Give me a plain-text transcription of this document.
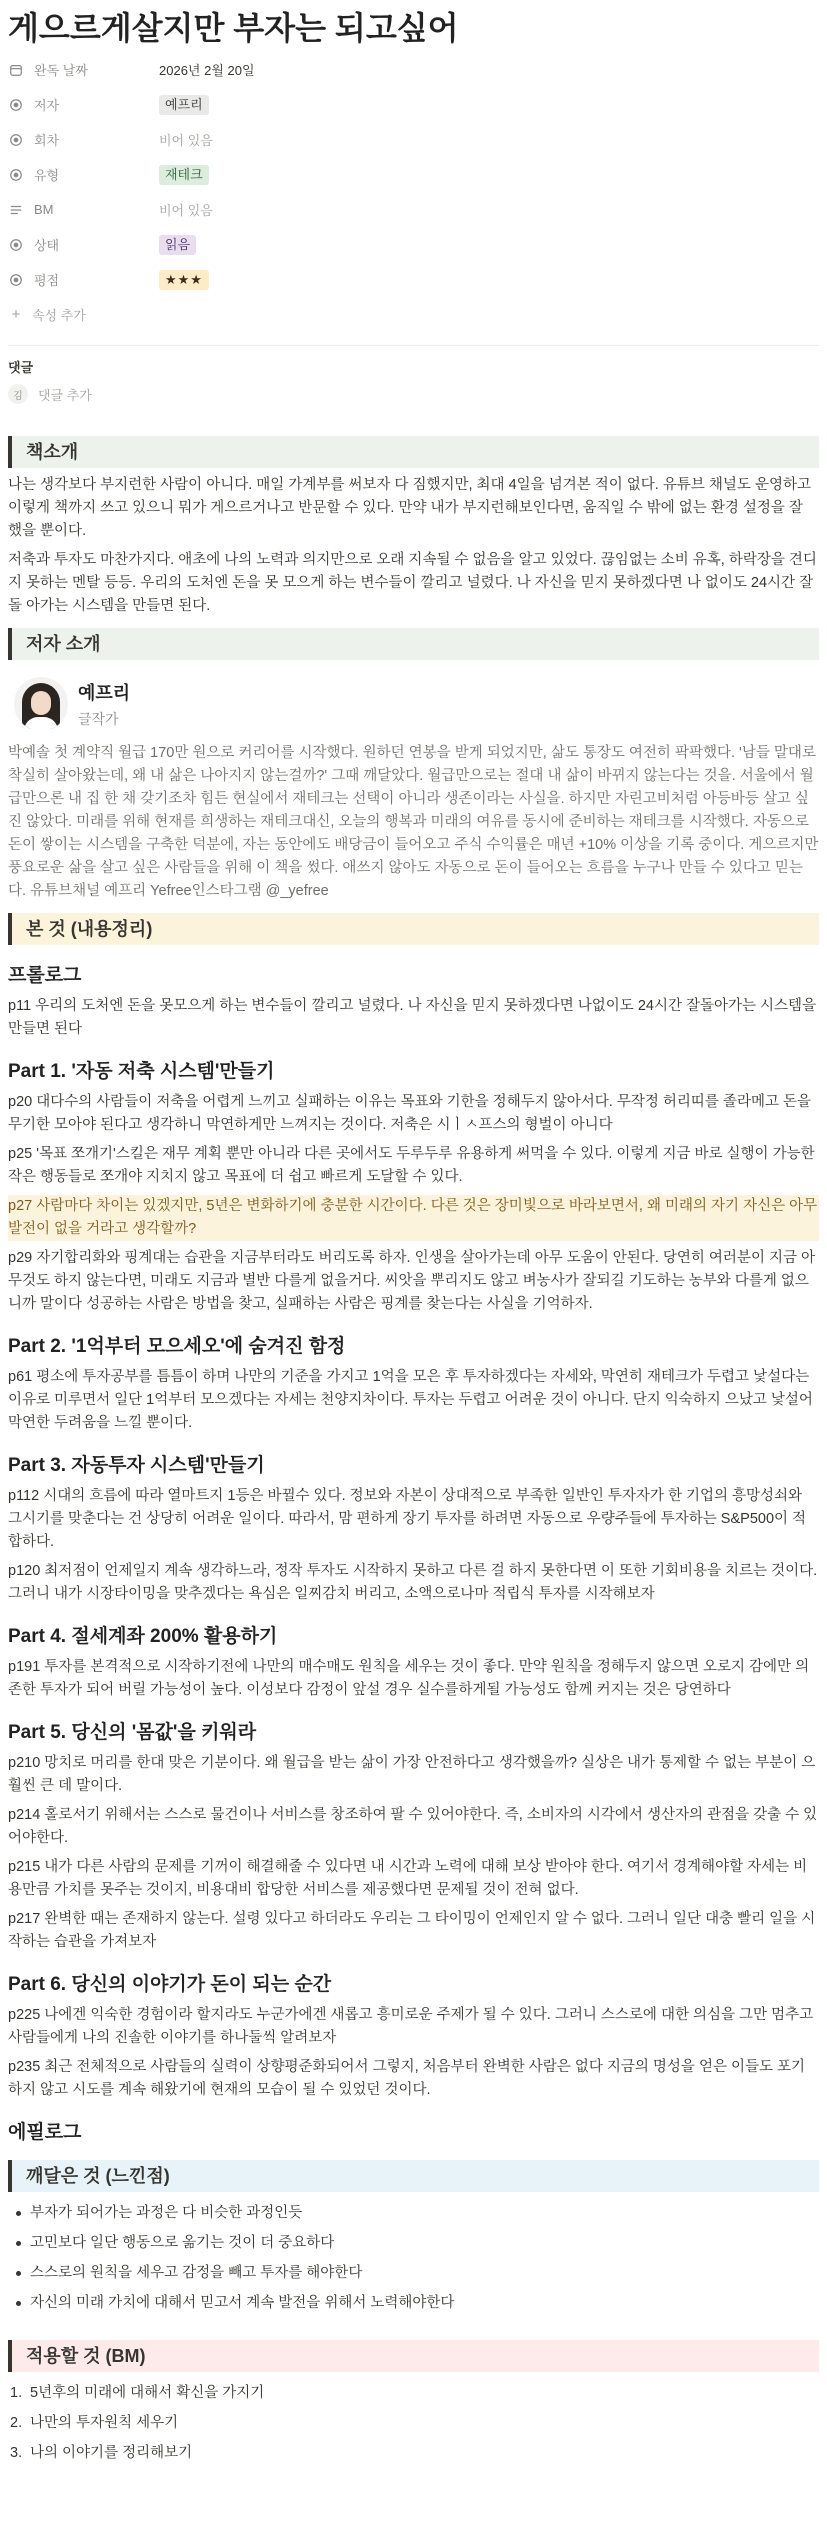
게으르게살지만 부자는 되고싶어
완독 날짜	2026년 2월 20일
저자	예프리
회차	비어 있음
유형	재테크
BM	비어 있음
상태	읽음
평점	★★★
+ 속성 추가
댓글
김	댓글 추가
책소개

나는 생각보다 부지런한 사람이 아니다. 매일 가계부를 써보자 다 짐했지만, 최대 4일을 넘겨본 적이 없다. 유튜브 채널도 운영하고 이렇게 책까지 쓰고 있으니 뭐가 게으르거나고 반문할 수 있다. 만약 내가 부지런해보인다면, 움직일 수 밖에 없는 환경 설정을 잘 했을 뿐이다.

저축과 투자도 마찬가지다. 애초에 나의 노력과 의지만으로 오래 지속될 수 없음을 알고 있었다. 끊임없는 소비 유혹, 하락장을 견디 지 못하는 멘탈 등등. 우리의 도처엔 돈을 못 모으게 하는 변수들이 깔리고 널렸다. 나 자신을 믿지 못하겠다면 나 없이도 24시간 잘 돌 아가는 시스템을 만들면 된다.

저자 소개
예프리
글작가

박예솔 첫 계약직 월급 170만 원으로 커리어를 시작했다. 원하던 연봉을 받게 되었지만, 삶도 통장도 여전히 팍팍했다. '남들 말대로 착실히 살아왔는데, 왜 내 삶은 나아지지 않는걸까?' 그때 깨달았다. 월급만으로는 절대 내 삶이 바뀌지 않는다는 것을. 서울에서 월급만으론 내 집 한 채 갖기조차 힘든 현실에서 재테크는 선택이 아니라 생존이라는 사실을. 하지만 자린고비처럼 아등바등 살고 싶진 않았다. 미래를 위해 현재를 희생하는 재테크대신, 오늘의 행복과 미래의 여유를 동시에 준비하는 재테크를 시작했다. 자동으로 돈이 쌓이는 시스템을 구축한 덕분에, 자는 동안에도 배당금이 들어오고 주식 수익률은 매년 +10% 이상을 기록 중이다. 게으르지만 풍요로운 삶을 살고 싶은 사람들을 위해 이 책을 썼다. 애쓰지 않아도 자동으로 돈이 들어오는 흐름을 누구나 만들 수 있다고 믿는다. 유튜브채널 예프리 Yefree인스타그램 @_yefree

본 것 (내용정리)
프롤로그

p11 우리의 도처엔 돈을 못모으게 하는 변수들이 깔리고 널렸다. 나 자신을 믿지 못하겠다면 나없이도 24시간 잘돌아가는 시스템을 만들면 된다

Part 1. '자동 저축 시스템'만들기

p20 대다수의 사람들이 저축을 어렵게 느끼고 실패하는 이유는 목표와 기한을 정해두지 않아서다. 무작정 허리띠를 졸라메고 돈을 무기한 모아야 된다고 생각하니 막연하게만 느껴지는 것이다. 저축은 시ㅣㅅ프스의 형벌이 아니다

p25 '목표 쪼개기'스킬은 재무 계획 뿐만 아니라 다른 곳에서도 두루두루 유용하게 써먹을 수 있다. 이렇게 지금 바로 실행이 가능한 작은 행동들로 쪼개야 지치지 않고 목표에 더 쉽고 빠르게 도달할 수 있다.

p27 사람마다 차이는 있겠지만, 5년은 변화하기에 충분한 시간이다. 다른 것은 장미빛으로 바라보면서, 왜 미래의 자기 자신은 아무 발전이 없을 거라고 생각할까?

p29 자기합리화와 핑계대는 습관을 지금부터라도 버리도록 하자. 인생을 살아가는데 아무 도움이 안된다. 당연히 여러분이 지금 아무것도 하지 않는다면, 미래도 지금과 별반 다를게 없을거다. 씨앗을 뿌리지도 않고 벼농사가 잘되길 기도하는 농부와 다를게 없으니까 말이다 성공하는 사람은 방법을 찾고, 실패하는 사람은 핑계를 찾는다는 사실을 기억하자.

Part 2. '1억부터 모으세오'에 숨겨진 함정

p61 평소에 투자공부를 틈틈이 하며 나만의 기준을 가지고 1억을 모은 후 투자하겠다는 자세와, 막연히 재테크가 두렵고 낯설다는 이유로 미루면서 일단 1억부터 모으겠다는 자세는 천양지차이다. 투자는 두렵고 어려운 것이 아니다. 단지 익숙하지 으났고 낯설어 막연한 두려움을 느낄 뿐이다.

Part 3. 자동투자 시스템'만들기

p112 시대의 흐름에 따라 열마트지 1등은 바뀔수 있다. 정보와 자본이 상대적으로 부족한 일반인 투자자가 한 기업의 흥망성쇠와 그시기를 맞춘다는 건 상당히 어려운 일이다. 따라서, 맘 편하게 장기 투자를 하려면 자동으로 우량주들에 투자하는 S&P500이 적합하다.

p120 최저점이 언제일지 계속 생각하느라, 정작 투자도 시작하지 못하고 다른 걸 하지 못한다면 이 또한 기회비용을 치르는 것이다. 그러니 내가 시장타이밍을 맞추겠다는 욕심은 일찌감치 버리고, 소액으로나마 적립식 투자를 시작해보자

Part 4. 절세계좌 200% 활용하기

p191 투자를 본격적으로 시작하기전에 나만의 매수매도 원칙을 세우는 것이 좋다. 만약 원칙을 정해두지 않으면 오로지 감에만 의존한 투자가 되어 버릴 가능성이 높다. 이성보다 감정이 앞설 경우 실수를하게될 가능성도 함께 커지는 것은 당연하다

Part 5. 당신의 '몸값'을 키워라

p210 망치로 머리를 한대 맞은 기분이다. 왜 월급을 받는 삶이 가장 안전하다고 생각했을까? 실상은 내가 통제할 수 없는 부분이 으훨씬 큰 데 말이다.

p214 홀로서기 위해서는 스스로 물건이나 서비스를 창조하여 팔 수 있어야한다. 즉, 소비자의 시각에서 생산자의 관점을 갖출 수 있어야한다.

p215 내가 다른 사람의 문제를 기꺼이 해결해줄 수 있다면 내 시간과 노력에 대해 보상 받아야 한다. 여기서 경계해야할 자세는 비용만큼 가치를 못주는 것이지, 비용대비 합당한 서비스를 제공했다면 문제될 것이 전혀 없다.

p217 완벽한 때는 존재하지 않는다. 설령 있다고 하더라도 우리는 그 타이밍이 언제인지 알 수 없다. 그러니 일단 대충 빨리 일을 시작하는 습관을 가져보자

Part 6. 당신의 이야기가 돈이 되는 순간

p225 나에겐 익숙한 경험이라 할지라도 누군가에겐 새롭고 흥미로운 주제가 될 수 있다. 그러니 스스로에 대한 의심을 그만 멈추고 사람들에게 나의 진솔한 이야기를 하나둘씩 알려보자

p235 최근 전체적으로 사람들의 실력이 상향평준화되어서 그렇지, 처음부터 완벽한 사람은 없다 지금의 명성을 얻은 이들도 포기하지 않고 시도를 계속 해왔기에 현재의 모습이 될 수 있었던 것이다.

에필로그
깨달은 것 (느낀점)
부자가 되어가는 과정은 다 비슷한 과정인듯
고민보다 일단 행동으로 옮기는 것이 더 중요하다
스스로의 원칙을 세우고 감정을 빼고 투자를 해야한다
자신의 미래 가치에 대해서 믿고서 계속 발전을 위해서 노력해야한다
적용할 것 (BM)
1. 5년후의 미래에 대해서 확신을 가지기
2. 나만의 투자원칙 세우기
3. 나의 이야기를 정리해보기
